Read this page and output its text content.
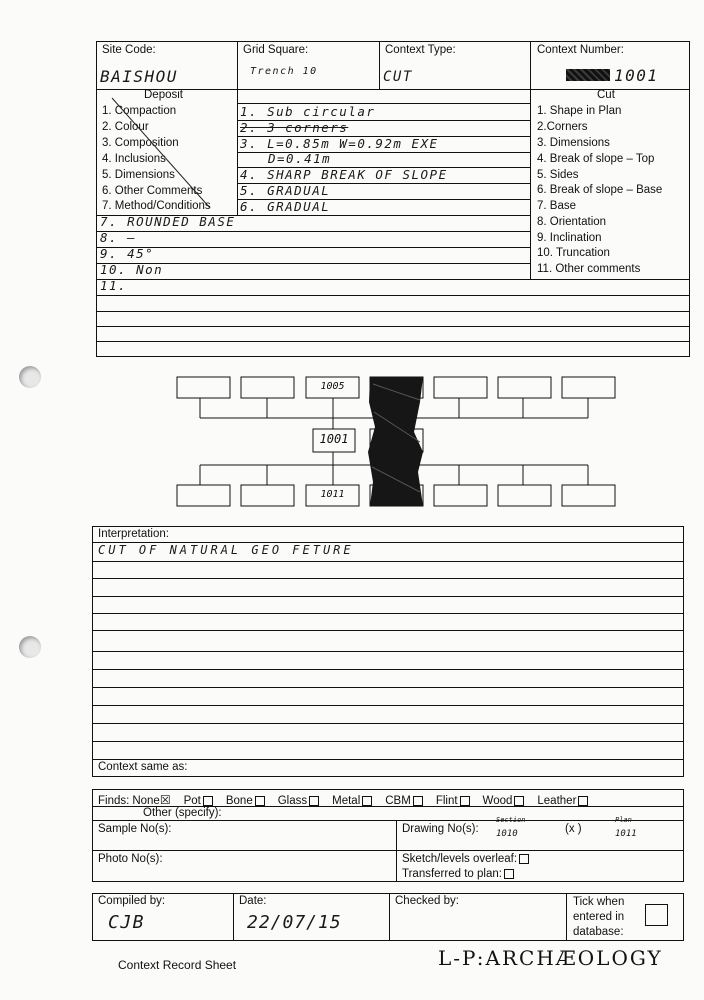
Site Code:	Grid Square:	Context Type:	Context Number:
BAISHOU	Trench 10	CUT	1001
Deposit
1. Compaction
2. Colour
3. Composition
4. Inclusions
5. Dimensions
6. Other Comments
7. Method/Conditions
Cut
1. Shape in Plan
2.Corners
3. Dimensions
4. Break of slope – Top
5. Sides
6. Break of slope – Base
7. Base
8. Orientation
9. Inclination
10. Truncation
11. Other comments
1. Sub circular
2. 3 corners
3. L=0.85m W=0.92m EXE
D=0.41m
4. SHARP BREAK OF SLOPE
5. GRADUAL
6. GRADUAL
7. ROUNDED BASE
8. —
9. 45°
10. Non
11.
1005
1001
1011
Interpretation:
CUT OF NATURAL GEO FETURE
Context same as:
Finds: None☒ Pot Bone Glass Metal CBM Flint Wood Leather
Other (specify):
Sample No(s):	Drawing No(s):
Section
1010	(x )
Plan
1011
Photo No(s):	Sketch/levels overleaf:
Transferred to plan:
Compiled by:
CJB
Date:
22/07/15
Checked by:	Tick when
entered in
database:
Context Record Sheet	L-P:ARCHÆOLOGY
